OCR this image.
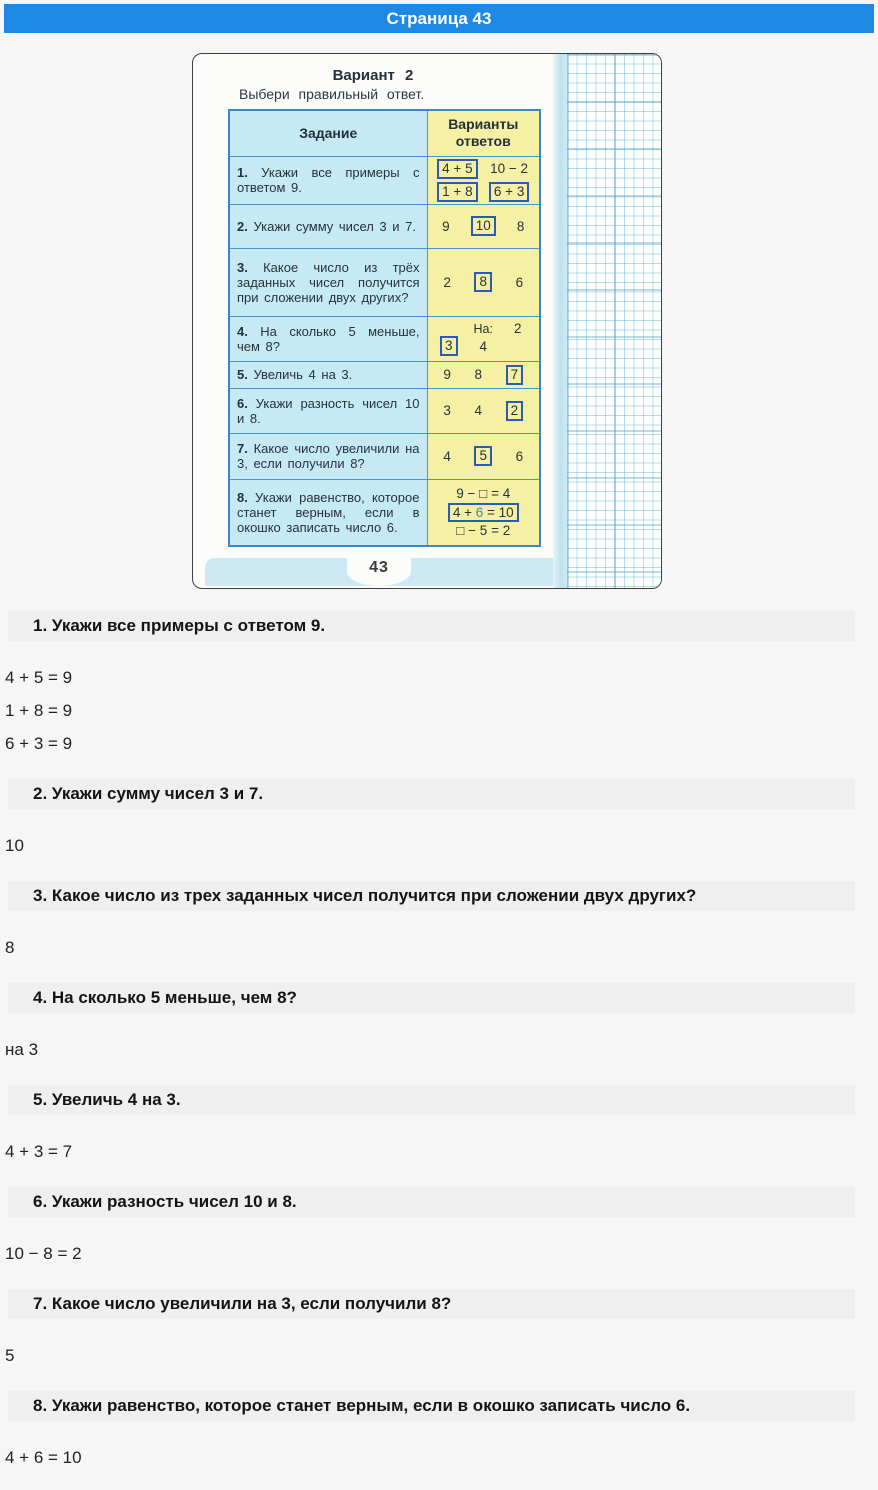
Страница 43
Вариант 2
Выбери правильный ответ.
Задание	Варианты ответов
1. Укажи все примеры с ответом 9.	4 + 5 10 − 2
1 + 8 6 + 3

2. Укажи сумму чисел 3 и 7.	9 10 8

3. Какое число из трёх заданных чисел получится при сложении двух других?	2 8 6

4. На сколько 5 меньше, чем 8?	На: 2
3 4

5. Увеличь 4 на 3.	9 8 7

6. Укажи разность чисел 10 и 8.	3 4 2

7. Какое число увеличили на 3, если получили 8?	4 5 6

8. Укажи равенство, которое станет верным, если в окошко записать число 6.	9 − □ = 4
4 + 6 = 10
□ − 5 = 2
43
1. Укажи все примеры с ответом 9.

4 + 5 = 9

1 + 8 = 9

6 + 3 = 9

2. Укажи сумму чисел 3 и 7.

10

3. Какое число из трех заданных чисел получится при сложении двух других?

8

4. На сколько 5 меньше, чем 8?

на 3

5. Увеличь 4 на 3.

4 + 3 = 7

6. Укажи разность чисел 10 и 8.

10 − 8 = 2

7. Какое число увеличили на 3, если получили 8?

5

8. Укажи равенство, которое станет верным, если в окошко записать число 6.

4 + 6 = 10
